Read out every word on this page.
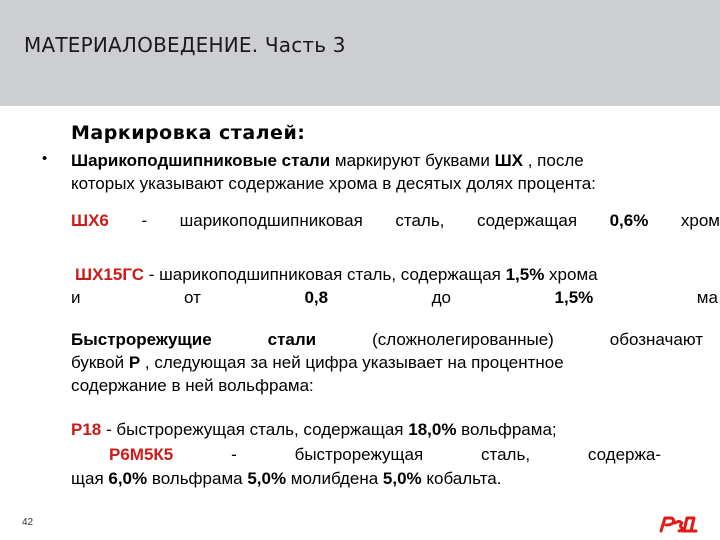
МАТЕРИАЛОВЕДЕНИЕ. Часть 3
Маркировка сталей:
• Шарикоподшипниковые стали маркируют буквами ШХ , после
которых указывают содержание хрома в десятых долях процента:
ШХ6 - шарикоподшипниковая сталь, содержащая 0,6% хром
ШХ15ГС - шарикоподшипниковая сталь, содержащая 1,5% хрома
и	от	0,8	до	1,5%	ма
Быстрорежущие	стали	(сложнолегированные)	обозначают
буквой Р , следующая за ней цифра указывает на процентное
содержание в ней вольфрама:
Р18 - быстрорежущая сталь, содержащая 18,0% вольфрама;
Р6М5К5	-	быстрорежущая	сталь,	содержа-
щая 6,0% вольфрама 5,0% молибдена 5,0% кобальта.
42
